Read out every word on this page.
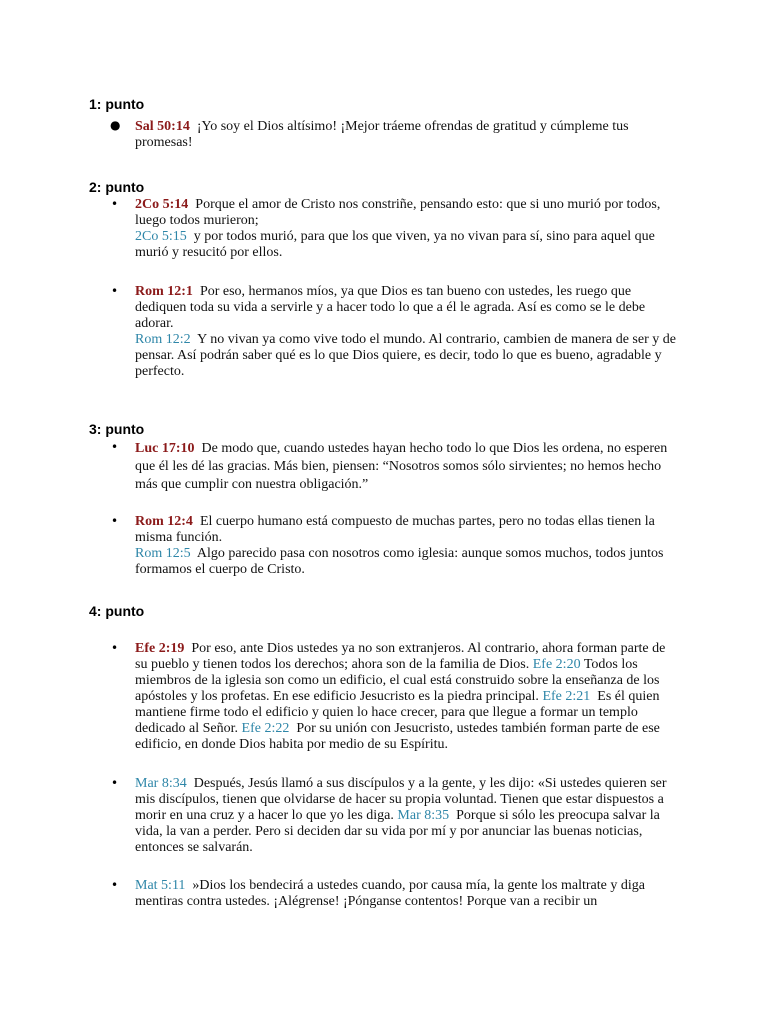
1: punto

● Sal 50:14 ¡Yo soy el Dios altísimo! ¡Mejor tráeme ofrendas de gratitud y cúmpleme tus promesas!

2: punto

• 2Co 5:14 Porque el amor de Cristo nos constriñe, pensando esto: que si uno murió por todos, luego todos murieron;
2Co 5:15 y por todos murió, para que los que viven, ya no vivan para sí, sino para aquel que murió y resucitó por ellos.

• Rom 12:1 Por eso, hermanos míos, ya que Dios es tan bueno con ustedes, les ruego que dediquen toda su vida a servirle y a hacer todo lo que a él le agrada. Así es como se le debe adorar.
Rom 12:2 Y no vivan ya como vive todo el mundo. Al contrario, cambien de manera de ser y de pensar. Así podrán saber qué es lo que Dios quiere, es decir, todo lo que es bueno, agradable y perfecto.

3: punto

• Luc 17:10 De modo que, cuando ustedes hayan hecho todo lo que Dios les ordena, no esperen que él les dé las gracias. Más bien, piensen: “Nosotros somos sólo sirvientes; no hemos hecho más que cumplir con nuestra obligación.”

• Rom 12:4 El cuerpo humano está compuesto de muchas partes, pero no todas ellas tienen la misma función.
Rom 12:5 Algo parecido pasa con nosotros como iglesia: aunque somos muchos, todos juntos formamos el cuerpo de Cristo.

4: punto

• Efe 2:19 Por eso, ante Dios ustedes ya no son extranjeros. Al contrario, ahora forman parte de su pueblo y tienen todos los derechos; ahora son de la familia de Dios. Efe 2:20 Todos los miembros de la iglesia son como un edificio, el cual está construido sobre la enseñanza de los apóstoles y los profetas. En ese edificio Jesucristo es la piedra principal. Efe 2:21 Es él quien mantiene firme todo el edificio y quien lo hace crecer, para que llegue a formar un templo dedicado al Señor. Efe 2:22 Por su unión con Jesucristo, ustedes también forman parte de ese edificio, en donde Dios habita por medio de su Espíritu.

• Mar 8:34 Después, Jesús llamó a sus discípulos y a la gente, y les dijo: «Si ustedes quieren ser mis discípulos, tienen que olvidarse de hacer su propia voluntad. Tienen que estar dispuestos a morir en una cruz y a hacer lo que yo les diga. Mar 8:35 Porque si sólo les preocupa salvar la vida, la van a perder. Pero si deciden dar su vida por mí y por anunciar las buenas noticias, entonces se salvarán.

• Mat 5:11 »Dios los bendecirá a ustedes cuando, por causa mía, la gente los maltrate y diga mentiras contra ustedes. ¡Alégrense! ¡Pónganse contentos! Porque van a recibir un
